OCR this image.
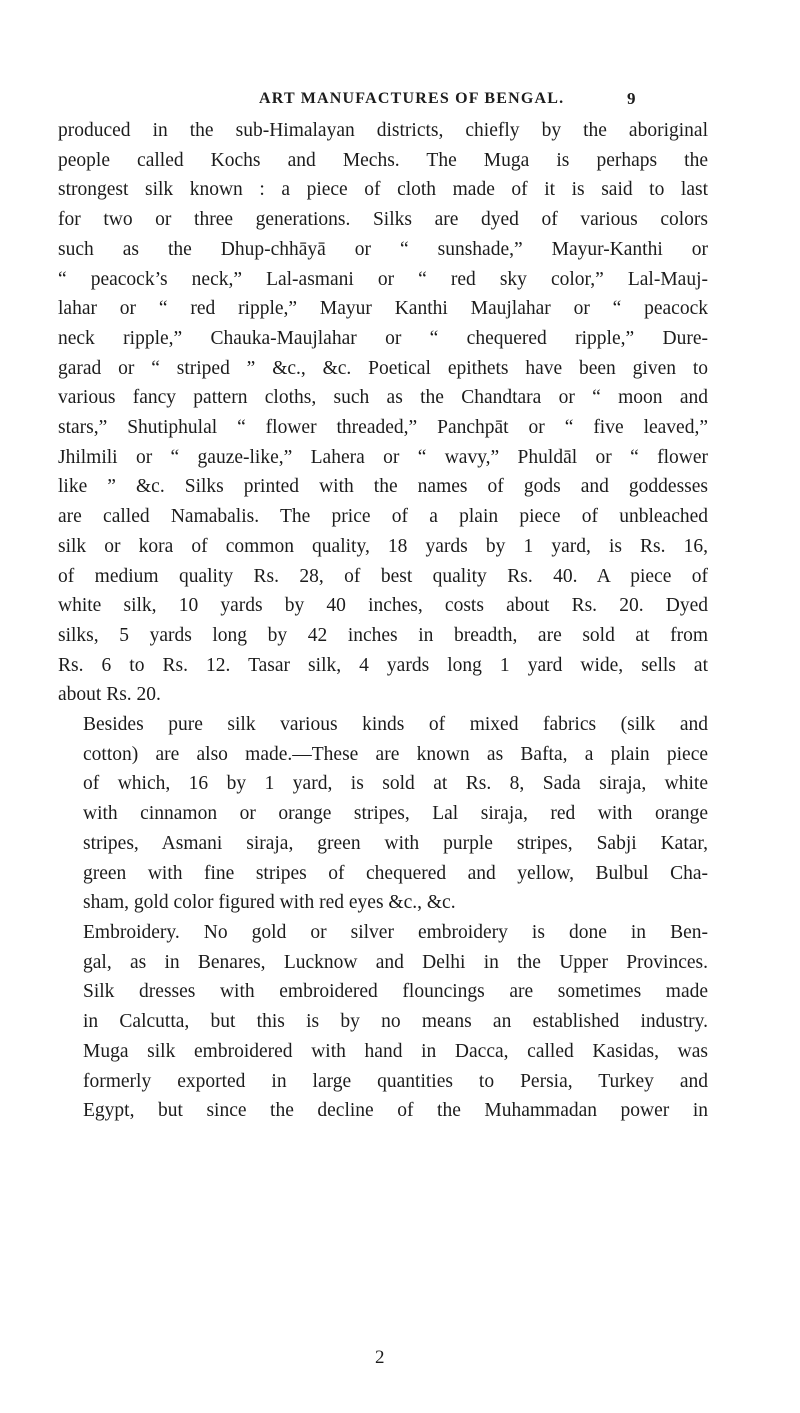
ART MANUFACTURES OF BENGAL.	9

produced in the sub-Himalayan districts, chiefly by the aboriginal
people called Kochs and Mechs. The Muga is perhaps the
strongest silk known : a piece of cloth made of it is said to last
for two or three generations. Silks are dyed of various colors
such as the Dhup-chhāyā or “ sunshade,” Mayur-Kanthi or
“ peacock’s neck,” Lal-asmani or “ red sky color,” Lal-Mauj-
lahar or “ red ripple,” Mayur Kanthi Maujlahar or “ peacock
neck ripple,” Chauka-Maujlahar or “ chequered ripple,” Dure-
garad or “ striped ” &c., &c. Poetical epithets have been given to
various fancy pattern cloths, such as the Chandtara or “ moon and
stars,” Shutiphulal “ flower threaded,” Panchpāt or “ five leaved,”
Jhilmili or “ gauze-like,” Lahera or “ wavy,” Phuldāl or “ flower
like ” &c. Silks printed with the names of gods and goddesses
are called Namabalis. The price of a plain piece of unbleached
silk or kora of common quality, 18 yards by 1 yard, is Rs. 16,
of medium quality Rs. 28, of best quality Rs. 40. A piece of
white silk, 10 yards by 40 inches, costs about Rs. 20. Dyed
silks, 5 yards long by 42 inches in breadth, are sold at from
Rs. 6 to Rs. 12. Tasar silk, 4 yards long 1 yard wide, sells at
about Rs. 20.

Besides pure silk various kinds of mixed fabrics (silk and
cotton) are also made.—These are known as Bafta, a plain piece
of which, 16 by 1 yard, is sold at Rs. 8, Sada siraja, white
with cinnamon or orange stripes, Lal siraja, red with orange
stripes, Asmani siraja, green with purple stripes, Sabji Katar,
green with fine stripes of chequered and yellow, Bulbul Cha-
sham, gold color figured with red eyes &c., &c.

Embroidery. No gold or silver embroidery is done in Ben-
gal, as in Benares, Lucknow and Delhi in the Upper Provinces.
Silk dresses with embroidered flouncings are sometimes made
in Calcutta, but this is by no means an established industry.
Muga silk embroidered with hand in Dacca, called Kasidas, was
formerly exported in large quantities to Persia, Turkey and
Egypt, but since the decline of the Muhammadan power in

2
